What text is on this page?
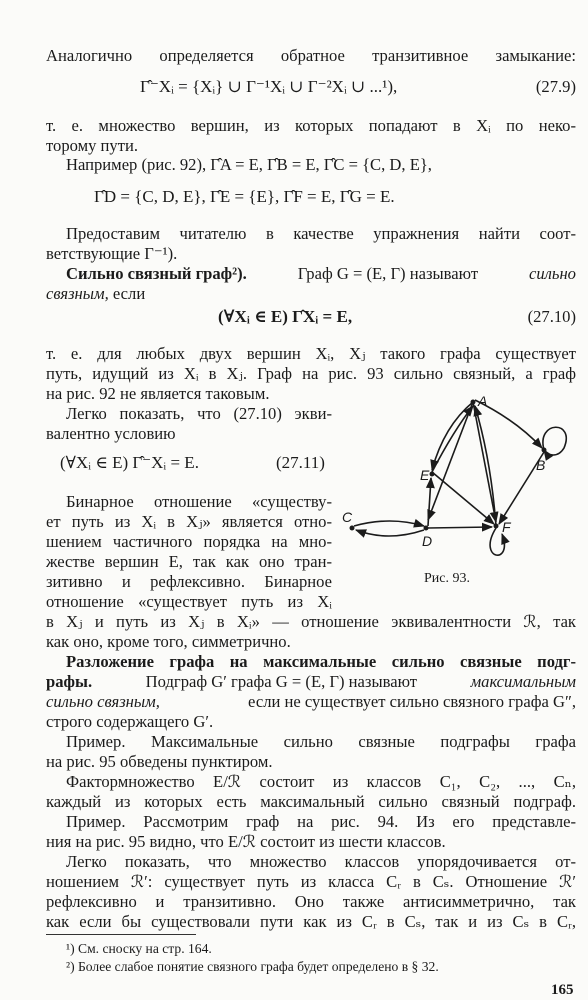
Аналогично определяется обратное транзитивное замыкание:
Γ̂⁻Xᵢ = {Xᵢ} ∪ Γ⁻¹Xᵢ ∪ Γ⁻²Xᵢ ∪ ...¹),	(27.9)
т. е. множество вершин, из которых попадают в Xᵢ по неко-
торому пути.
Например (рис. 92), Γ̂A = E, Γ̂B = E, Γ̂C = {C, D, E},
Γ̂D = {C, D, E}, Γ̂E = {E}, Γ̂F = E, Γ̂G = E.
Предоставим читателю в качестве упражнения найти соот-
ветствующие Γ⁻¹).
Сильно связный граф²).	Граф G = (E, Γ) называют	сильно
связным, если
(∀Xᵢ ∈ E) Γ̂Xᵢ = E,	(27.10)
т. е. для любых двух вершин Xᵢ, Xⱼ такого графа существует
путь, идущий из Xᵢ в Xⱼ. Граф на рис. 93 сильно связный, а граф
на рис. 92 не является таковым.
Легко показать, что (27.10) экви-
валентно условию
(∀Xᵢ ∈ E) Γ̂⁻Xᵢ = E.	(27.11)
Бинарное отношение «существу-
ет путь из Xᵢ в Xⱼ» является отно-
шением частичного порядка на мно-
жестве вершин E, так как оно тран-
зитивно и рефлексивно. Бинарное
отношение «существует путь из Xᵢ
в Xⱼ и путь из Xⱼ в Xᵢ» — отношение эквивалентности ℛ, так
как оно, кроме того, симметрично.
Разложение графа на максимальные сильно связные подг-
рафы.	Подграф G′ графа G = (E, Γ) называют	максимальным
сильно связным,	если не существует сильно связного графа G″,
строго содержащего G′.
Пример. Максимальные сильно связные подграфы графа
на рис. 95 обведены пунктиром.
Фактормножество E/ℛ состоит из классов C₁, C₂, ..., Cₙ,
каждый из которых есть максимальный сильно связный подграф.
Пример. Рассмотрим граф на рис. 94. Из его представле-
ния на рис. 95 видно, что E/ℛ состоит из шести классов.
Легко показать, что множество классов упорядочивается от-
¹) См. сноску на стр. 164.
²) Более слабое понятие связного графа будет определено в § 32.
165
ношением ℛ′: существует путь из класса Cᵣ в Cₛ. Отношение ℛ′
рефлексивно и транзитивно. Оно также антисимметрично, так
как если бы существовали пути как из Cᵣ в Cₛ, так и из Cₛ в Cᵣ,
A
B
C
D
E
F
Рис. 93.
